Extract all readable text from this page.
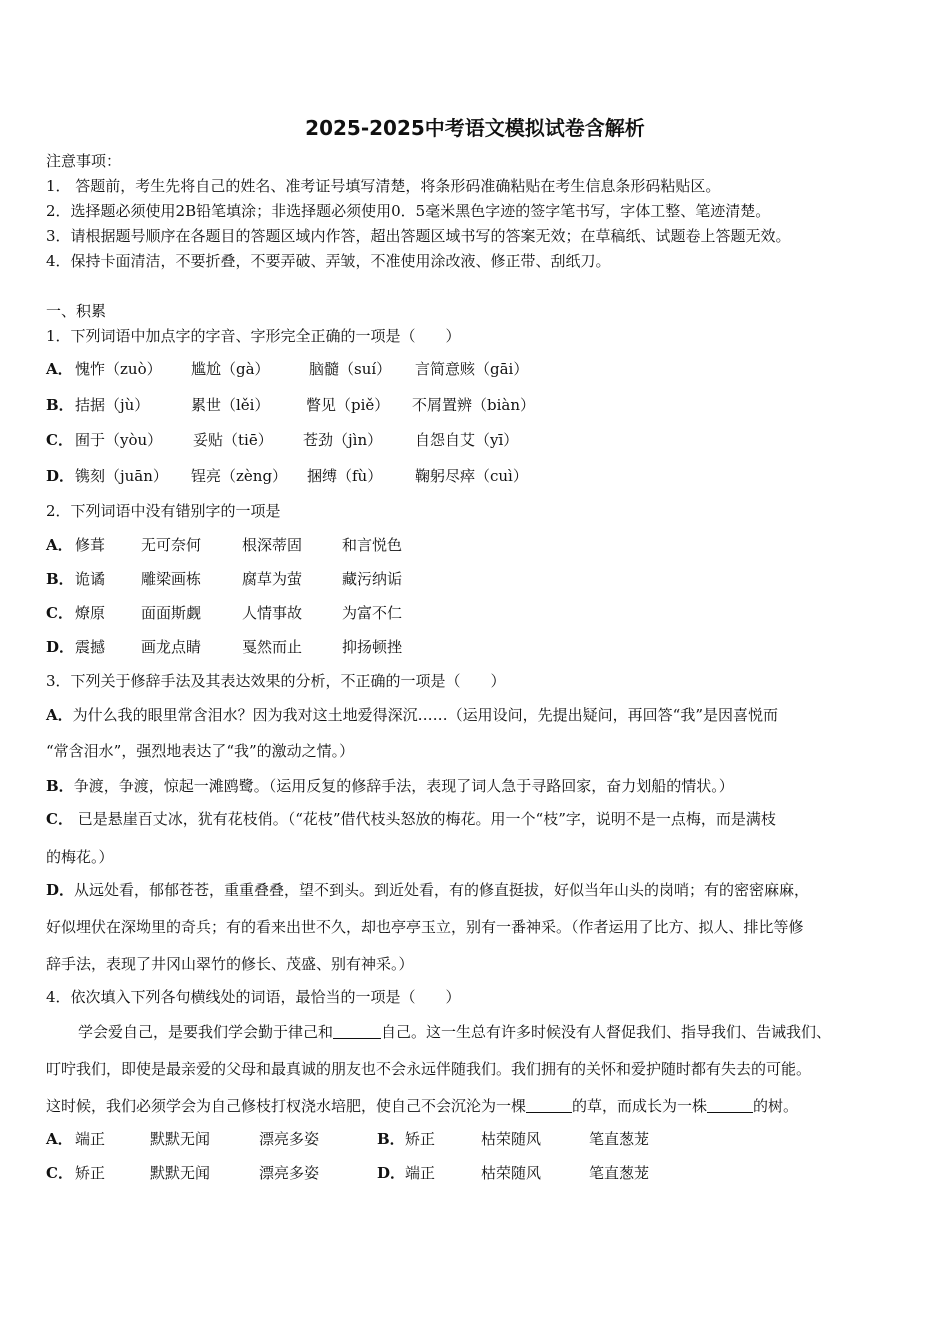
2025-2025中考语文模拟试卷含解析
注意事项：
1． 答题前，考生先将自己的姓名、准考证号填写清楚，将条形码准确粘贴在考生信息条形码粘贴区。
2．选择题必须使用2B铅笔填涂；非选择题必须使用0．5毫米黑色字迹的签字笔书写，字体工整、笔迹清楚。
3．请根据题号顺序在各题目的答题区域内作答，超出答题区域书写的答案无效；在草稿纸、试题卷上答题无效。
4．保持卡面清洁，不要折叠，不要弄破、弄皱，不准使用涂改液、修正带、刮纸刀。
一、积累
1．下列词语中加点字的字音、字形完全正确的一项是（　　）
A． 愧怍（zuò） 尴尬（gà）	脑髓（suí） 言简意赅（gāi）
B． 拮据（jù）	累世（lěi） 瞥见（piě） 不屑置辨（biàn）
C． 囿于（yòu） 妥贴（tiē） 苍劲（jìn） 自怨自艾（yī）
D． 镌刻（juān） 锃亮（zèng） 捆缚（fù） 鞠躬尽瘁（cuì）
2．下列词语中没有错别字的一项是
A． 修葺 无可奈何	根深蒂固	和言悦色
B． 诡谲 雕梁画栋	腐草为萤	藏污纳诟
C． 燎原 面面斯觑	人情事故	为富不仁
D． 震撼 画龙点睛	戛然而止	抑扬顿挫
3．下列关于修辞手法及其表达效果的分析，不正确的一项是（　　）
A．为什么我的眼里常含泪水？因为我对这土地爱得深沉……（运用设问，先提出疑问，再回答“我”是因喜悦而
“常含泪水”，强烈地表达了“我”的激动之情。）
B．争渡，争渡，惊起一滩鸥鹭。（运用反复的修辞手法，表现了词人急于寻路回家，奋力划船的情状。）
C． 已是悬崖百丈冰，犹有花枝俏。（“花枝”借代枝头怒放的梅花。用一个“枝”字，说明不是一点梅，而是满枝
的梅花。）
D．从远处看，郁郁苍苍，重重叠叠，望不到头。到近处看，有的修直挺拔，好似当年山头的岗哨；有的密密麻麻，
好似埋伏在深坳里的奇兵；有的看来出世不久，却也亭亭玉立，别有一番神采。（作者运用了比方、拟人、排比等修
辞手法，表现了井冈山翠竹的修长、茂盛、别有神采。）
4．依次填入下列各句横线处的词语，最恰当的一项是（　　）
学会爱自己，是要我们学会勤于律己和	自己。这一生总有许多时候没有人督促我们、指导我们、告诫我们、
叮咛我们，即使是最亲爱的父母和最真诚的朋友也不会永远伴随我们。我们拥有的关怀和爱护随时都有失去的可能。
这时候，我们必须学会为自己修枝打杈浇水培肥，使自己不会沉沦为一棵	的草，而成长为一株	的树。
A． 端正	默默无闻	漂亮多姿	B． 矫正	枯荣随风	笔直葱茏
C． 矫正	默默无闻	漂亮多姿	D． 端正	枯荣随风	笔直葱茏
